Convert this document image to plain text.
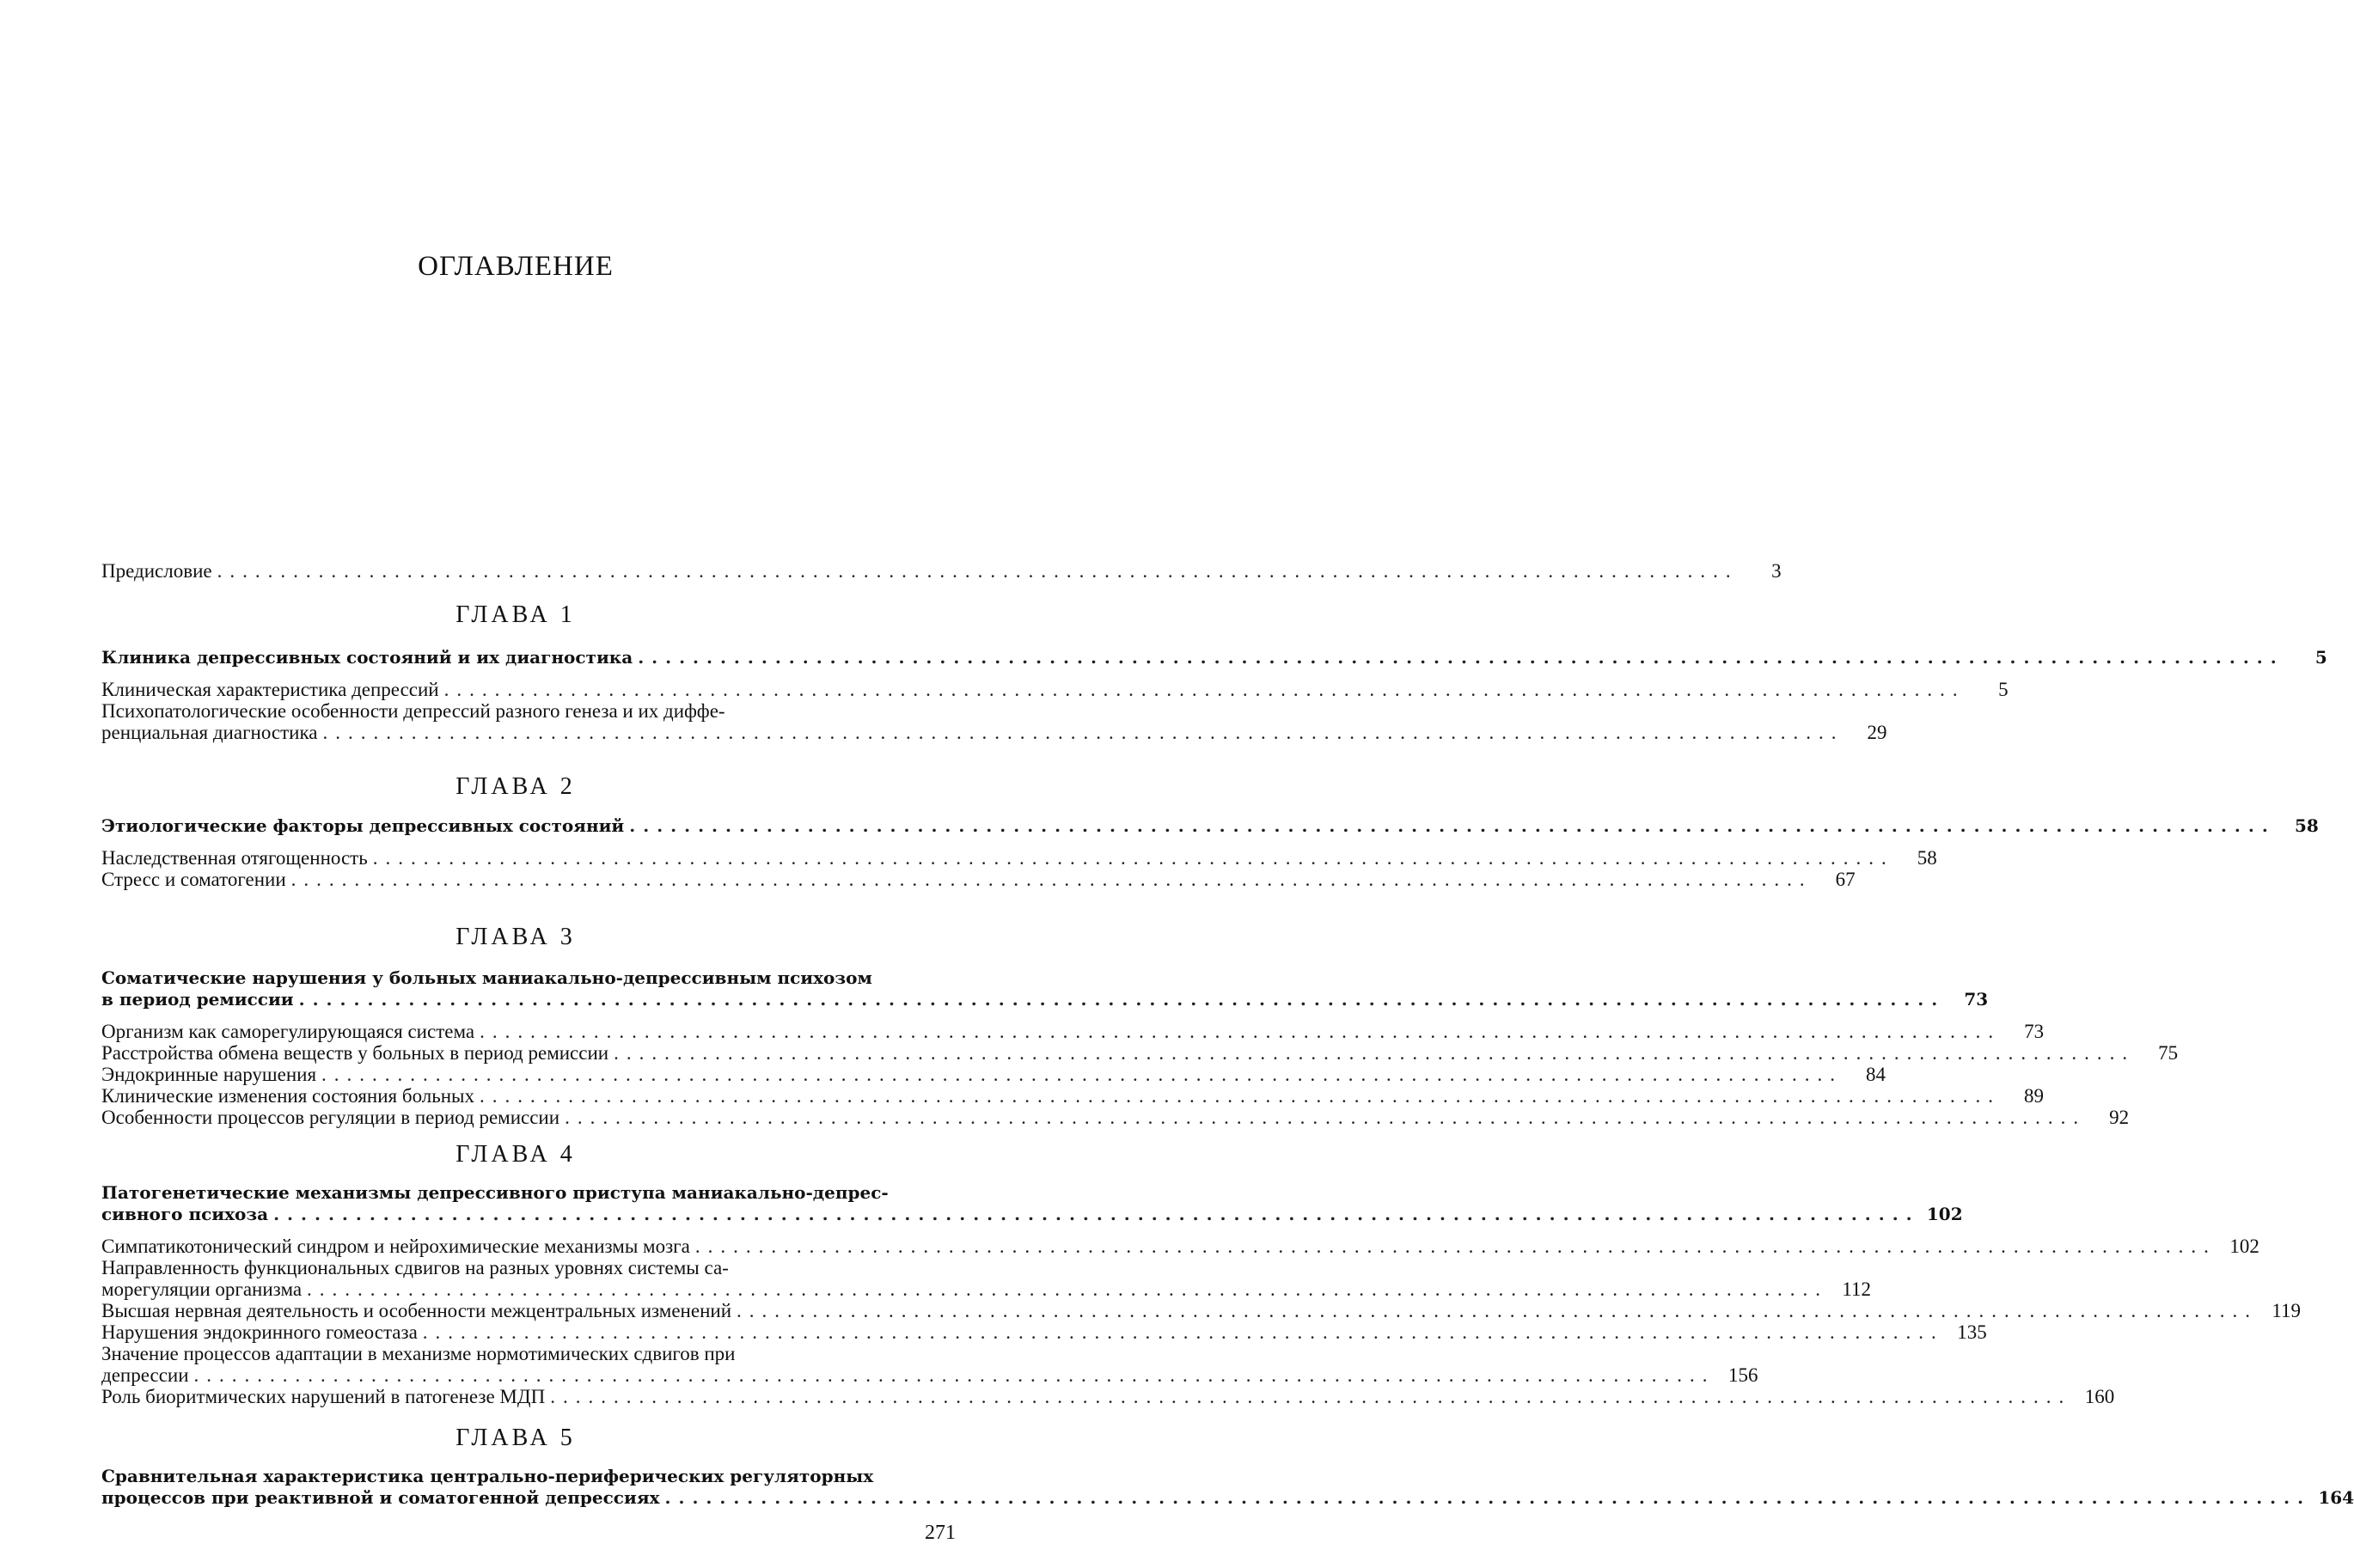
ОГЛАВЛЕНИЕ
Предисловие ........................................................................................................................	3
ГЛАВА 1
Клиника депрессивных состояний и их диагностика ........................................................................................................................	5
Клиническая характеристика депрессий ........................................................................................................................	5
Психопатологические особенности депрессий разного генеза и их диффе-
ренциальная диагностика ........................................................................................................................	29
ГЛАВА 2
Этиологические факторы депрессивных состояний ........................................................................................................................	58
Наследственная отягощенность ........................................................................................................................	58
Стресс и соматогении ........................................................................................................................	67
ГЛАВА 3
Соматические нарушения у больных маниакально-депрессивным психозом
в период ремиссии ........................................................................................................................	73
Организм как саморегулирующаяся система ........................................................................................................................	73
Расстройства обмена веществ у больных в период ремиссии ........................................................................................................................	75
Эндокринные нарушения ........................................................................................................................	84
Клинические изменения состояния больных ........................................................................................................................	89
Особенности процессов регуляции в период ремиссии ........................................................................................................................	92
ГЛАВА 4
Патогенетические механизмы депрессивного приступа маниакально-депрес-
сивного психоза ........................................................................................................................ 102
Симпатикотонический синдром и нейрохимические механизмы мозга ........................................................................................................................ 102
Направленность функциональных сдвигов на разных уровнях системы са-
морегуляции организма ........................................................................................................................ 112
Высшая нервная деятельность и особенности межцентральных изменений ........................................................................................................................ 119
Нарушения эндокринного гомеостаза ........................................................................................................................ 135
Значение процессов адаптации в механизме нормотимических сдвигов при
депрессии ........................................................................................................................ 156
Роль биоритмических нарушений в патогенезе МДП ........................................................................................................................ 160
ГЛАВА 5
Сравнительная характеристика центрально-периферических регуляторных
процессов при реактивной и соматогенной депрессиях ........................................................................................................................ 164
271
